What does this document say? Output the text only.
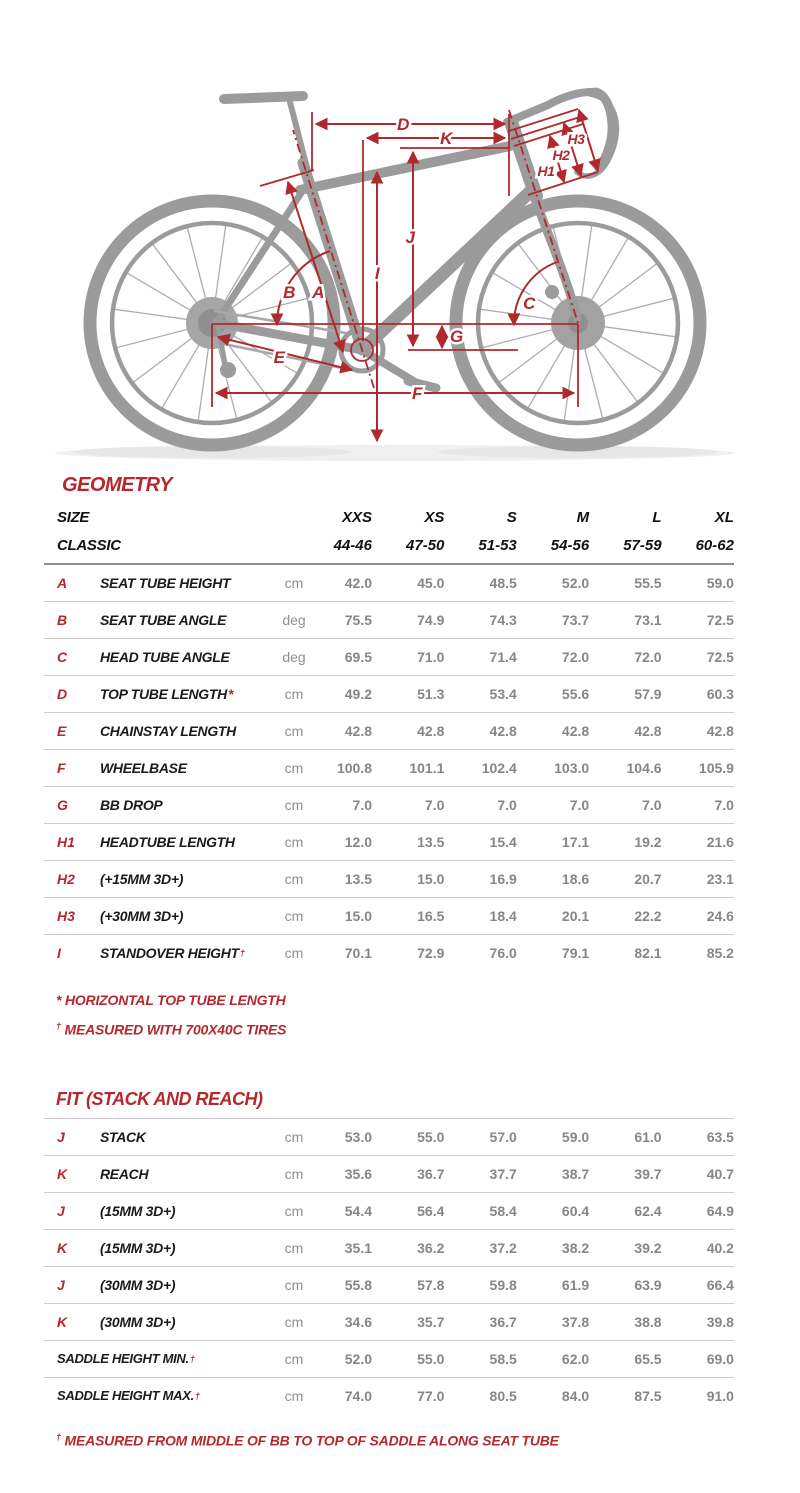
D
K
J
I
F
G
E
B A
C
H1
H2
H3
GEOMETRY
SIZE	XXS	XS	S	M	L	XL
CLASSIC	44-46	47-50	51-53	54-56	57-59	60-62
A	SEAT TUBE HEIGHT	cm	42.0	45.0	48.5	52.0	55.5	59.0
B	SEAT TUBE ANGLE	deg	75.5	74.9	74.3	73.7	73.1	72.5
C	HEAD TUBE ANGLE	deg	69.5	71.0	71.4	72.0	72.0	72.5
D	TOP TUBE LENGTH *	cm	49.2	51.3	53.4	55.6	57.9	60.3
E	CHAINSTAY LENGTH	cm	42.8	42.8	42.8	42.8	42.8	42.8
F	WHEELBASE	cm	100.8	101.1	102.4	103.0	104.6	105.9
G	BB DROP	cm	7.0	7.0	7.0	7.0	7.0	7.0
H1	HEADTUBE LENGTH	cm	12.0	13.5	15.4	17.1	19.2	21.6
H2	(+15MM 3D+)	cm	13.5	15.0	16.9	18.6	20.7	23.1
H3	(+30MM 3D+)	cm	15.0	16.5	18.4	20.1	22.2	24.6
I	STANDOVER HEIGHT †	cm	70.1	72.9	76.0	79.1	82.1	85.2
* HORIZONTAL TOP TUBE LENGTH
† MEASURED WITH 700X40C TIRES
FIT (STACK AND REACH)
J	STACK	cm	53.0	55.0	57.0	59.0	61.0	63.5
K	REACH	cm	35.6	36.7	37.7	38.7	39.7	40.7
J	(15MM 3D+)	cm	54.4	56.4	58.4	60.4	62.4	64.9
K	(15MM 3D+)	cm	35.1	36.2	37.2	38.2	39.2	40.2
J	(30MM 3D+)	cm	55.8	57.8	59.8	61.9	63.9	66.4
K	(30MM 3D+)	cm	34.6	35.7	36.7	37.8	38.8	39.8
SADDLE HEIGHT MIN. †	cm	52.0	55.0	58.5	62.0	65.5	69.0
SADDLE HEIGHT MAX. †	cm	74.0	77.0	80.5	84.0	87.5	91.0
† MEASURED FROM MIDDLE OF BB TO TOP OF SADDLE ALONG SEAT TUBE
